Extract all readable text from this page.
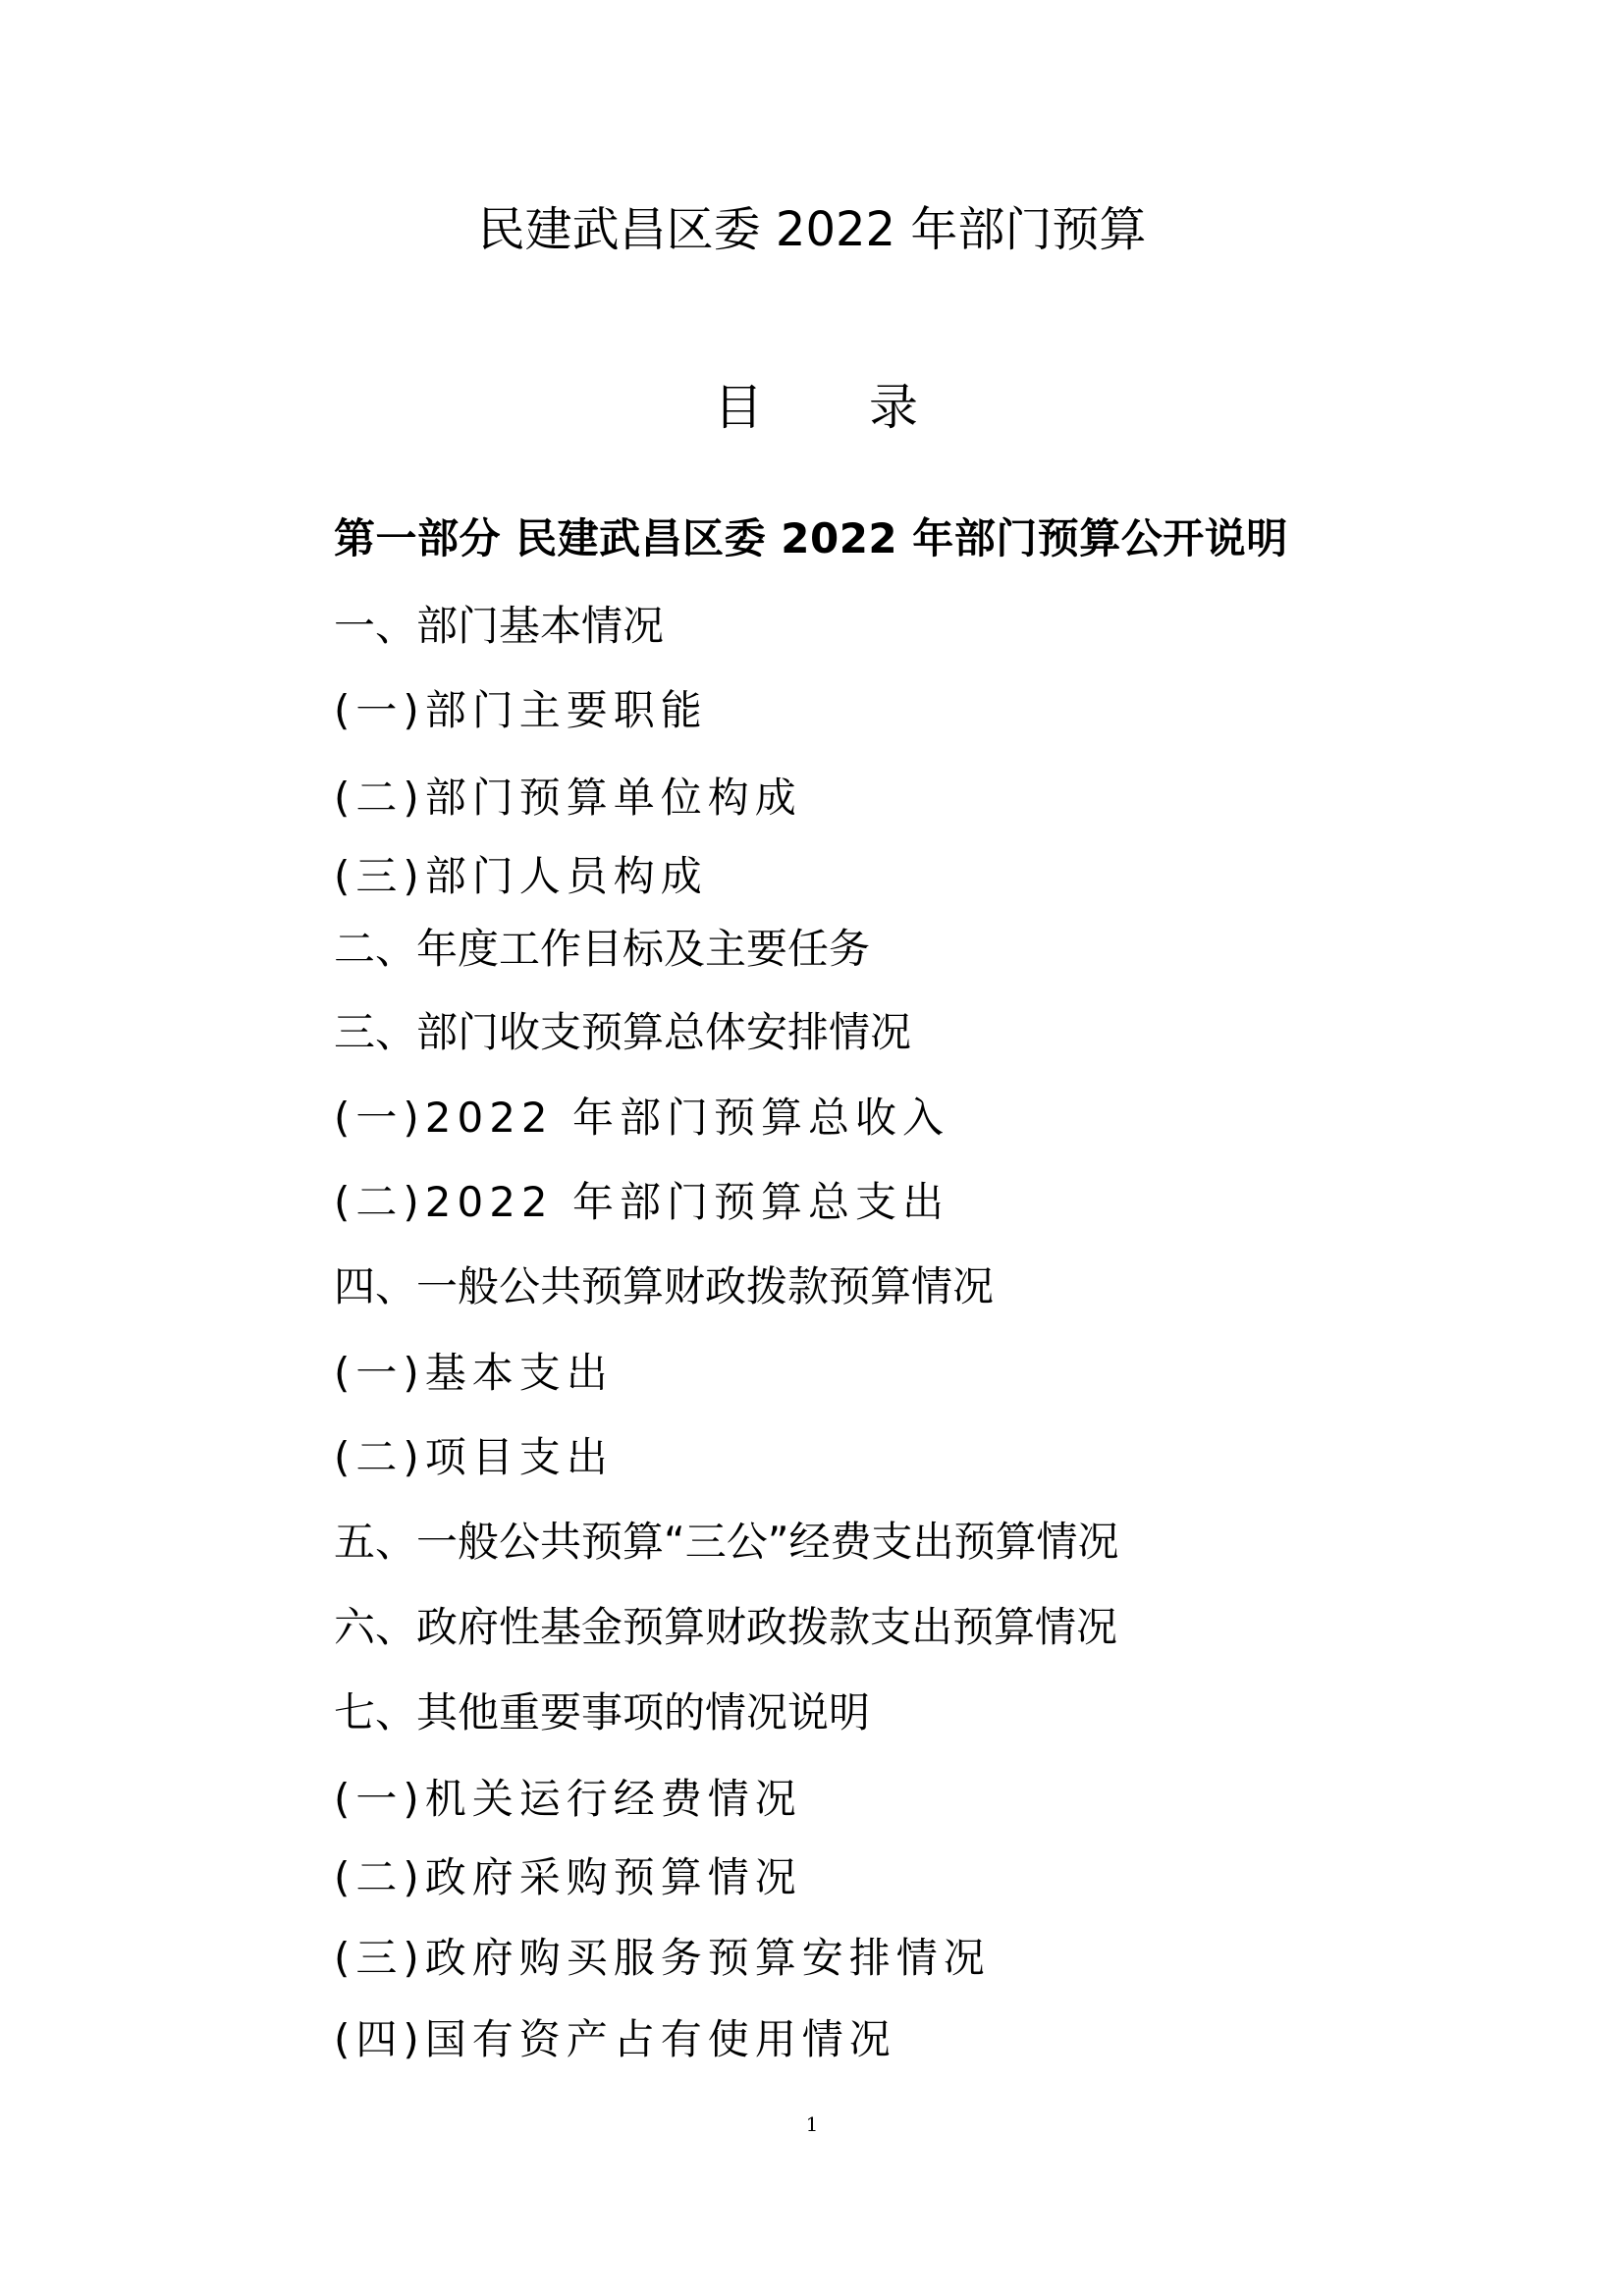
民建武昌区委 2022 年部门预算
目 录
第一部分 民建武昌区委 2022 年部门预算公开说明
一、部门基本情况
(一)部门主要职能
(二)部门预算单位构成
(三)部门人员构成
二、年度工作目标及主要任务
三、部门收支预算总体安排情况
(一)2022 年部门预算总收入
(二)2022 年部门预算总支出
四、一般公共预算财政拨款预算情况
(一)基本支出
(二)项目支出
五、一般公共预算“三公”经费支出预算情况
六、政府性基金预算财政拨款支出预算情况
七、其他重要事项的情况说明
(一)机关运行经费情况
(二)政府采购预算情况
(三)政府购买服务预算安排情况
(四)国有资产占有使用情况
1
